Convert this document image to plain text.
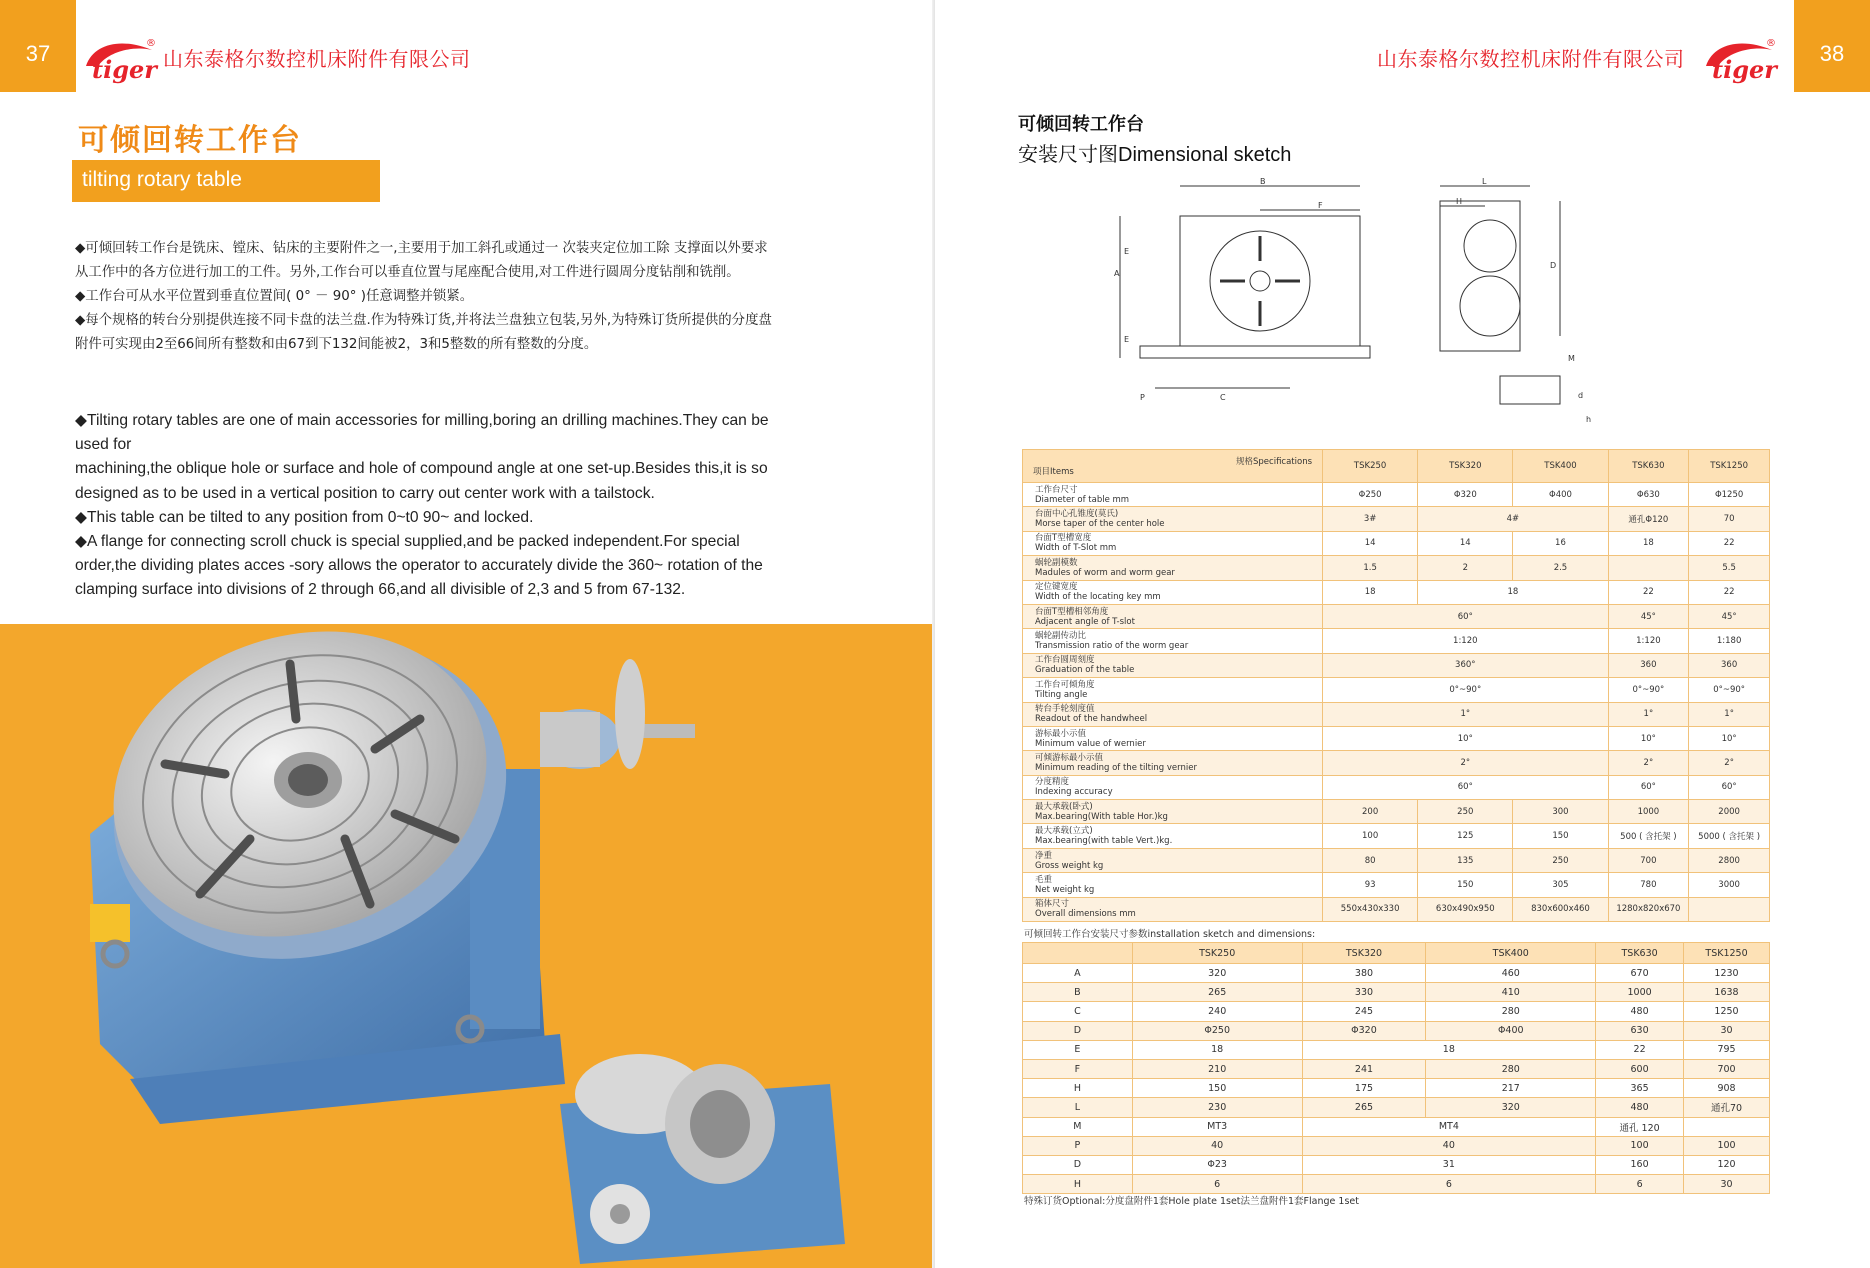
37
tiger
®
山东泰格尔数控机床附件有限公司
可倾回转工作台
tilting rotary table

◆可倾回转工作台是铣床、镗床、钻床的主要附件之一,主要用于加工斜孔或通过一 次装夹定位加工除 支撑面以外要求

从工作中的各方位进行加工的工件。另外,工作台可以垂直位置与尾座配合使用,对工件进行圆周分度钻削和铣削。

◆工作台可从水平位置到垂直位置间( 0° － 90° )任意调整并锁紧。

◆每个规格的转台分别提供连接不同卡盘的法兰盘.作为特殊订货,并将法兰盘独立包装,另外,为特殊订货所提供的分度盘

附件可实现由2至66间所有整数和由67到下132间能被2，3和5整数的所有整数的分度。

◆Tilting rotary tables are one of main accessories for milling,boring an drilling machines.They can be

used for

machining,the oblique hole or surface and hole of compound angle at one set-up.Besides this,it is so

designed as to be used in a vertical position to carry out center work with a tailstock.

◆This table can be tilted to any position from 0~t0 90~ and locked.

◆A flange for connecting scroll chuck is special supplied,and be packed independent.For special

order,the dividing plates acces -sory allows the operator to accurately divide the 360~ rotation of the

clamping surface into divisions of 2 through 66,and all divisible of 2,3 and 5 from 67-132.

38
山东泰格尔数控机床附件有限公司 tiger
®
可倾回转工作台
安装尺寸图Dimensional sketch
B
F
A
E
E
C
P
L
H
D
M
d
h
规格Specifications
项目Items	TSK250	TSK320	TSK400	TSK630	TSK1250

工作台尺寸
Diameter of table mm	Φ250	Φ320	Φ400	Φ630	Φ1250

台面中心孔锥度(莫氏)
Morse taper of the center hole	3#	4#		通孔Φ120	70

台面T型槽宽度
Width of T-Slot mm	14	14	16	18	22

蜗轮副模数
Madules of worm and worm gear	1.5	2	2.5		5.5

定位键宽度
Width of the locating key mm	18	18		22	22

台面T型槽相邻角度
Adjacent angle of T-slot	60°			45°	45°

蜗轮副传动比
Transmission ratio of the worm gear	1:120			1:120	1:180

工作台圆周刻度
Graduation of the table	360°			360	360

工作台可倾角度
Tilting angle	0°~90°			0°~90°	0°~90°

转台手轮刻度值
Readout of the handwheel	1°			1°	1°

游标最小示值
Minimum value of wernier	10°			10°	10°

可倾游标最小示值
Minimum reading of the tilting vernier	2°			2°	2°

分度精度
Indexing accuracy	60°			60°	60°

最大承载(卧式)
Max.bearing(With table Hor.)kg	200	250	300	1000	2000

最大承载(立式)
Max.bearing(with table Vert.)kg.	100	125	150	500 ( 含托架 )	5000 ( 含托架 )

净重
Gross weight kg	80	135	250	700	2800

毛重
Net weight kg	93	150	305	780	3000

箱体尺寸
Overall dimensions mm	550x430x330	630x490x950	830x600x460	1280x820x670	
可倾回转工作台安装尺寸参数installation sketch and dimensions:
	TSK250	TSK320	TSK400	TSK630	TSK1250
A	320	380	460	670	1230
B	265	330	410	1000	1638
C	240	245	280	480	1250
D	Φ250	Φ320	Φ400	630	30
E	18	18		22	795
F	210	241	280	600	700
H	150	175	217	365	908
L	230	265	320	480	通孔70
M	MT3	MT4		通孔 120	
P	40	40		100	100
D	Φ23	31		160	120
H	6	6		6	30
特殊订货Optional:分度盘附件1套Hole plate 1set法兰盘附件1套Flange 1set
